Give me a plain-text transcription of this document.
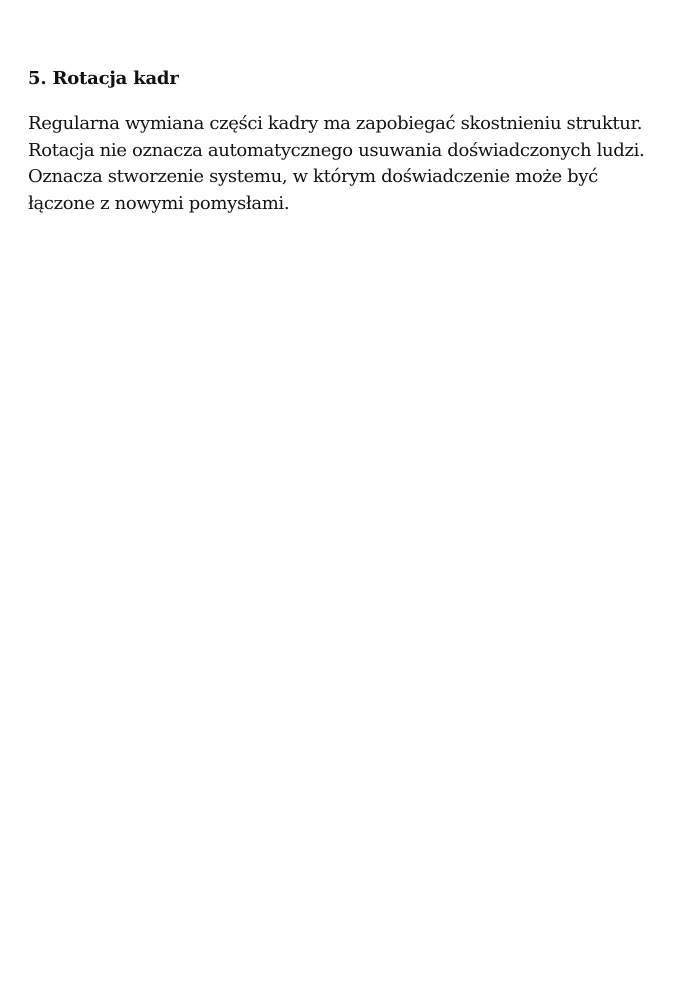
5. Rotacja kadr

Regularna wymiana części kadry ma zapobiegać skostnieniu struktur.
Rotacja nie oznacza automatycznego usuwania doświadczonych ludzi.
Oznacza stworzenie systemu, w którym doświadczenie może być
łączone z nowymi pomysłami.
